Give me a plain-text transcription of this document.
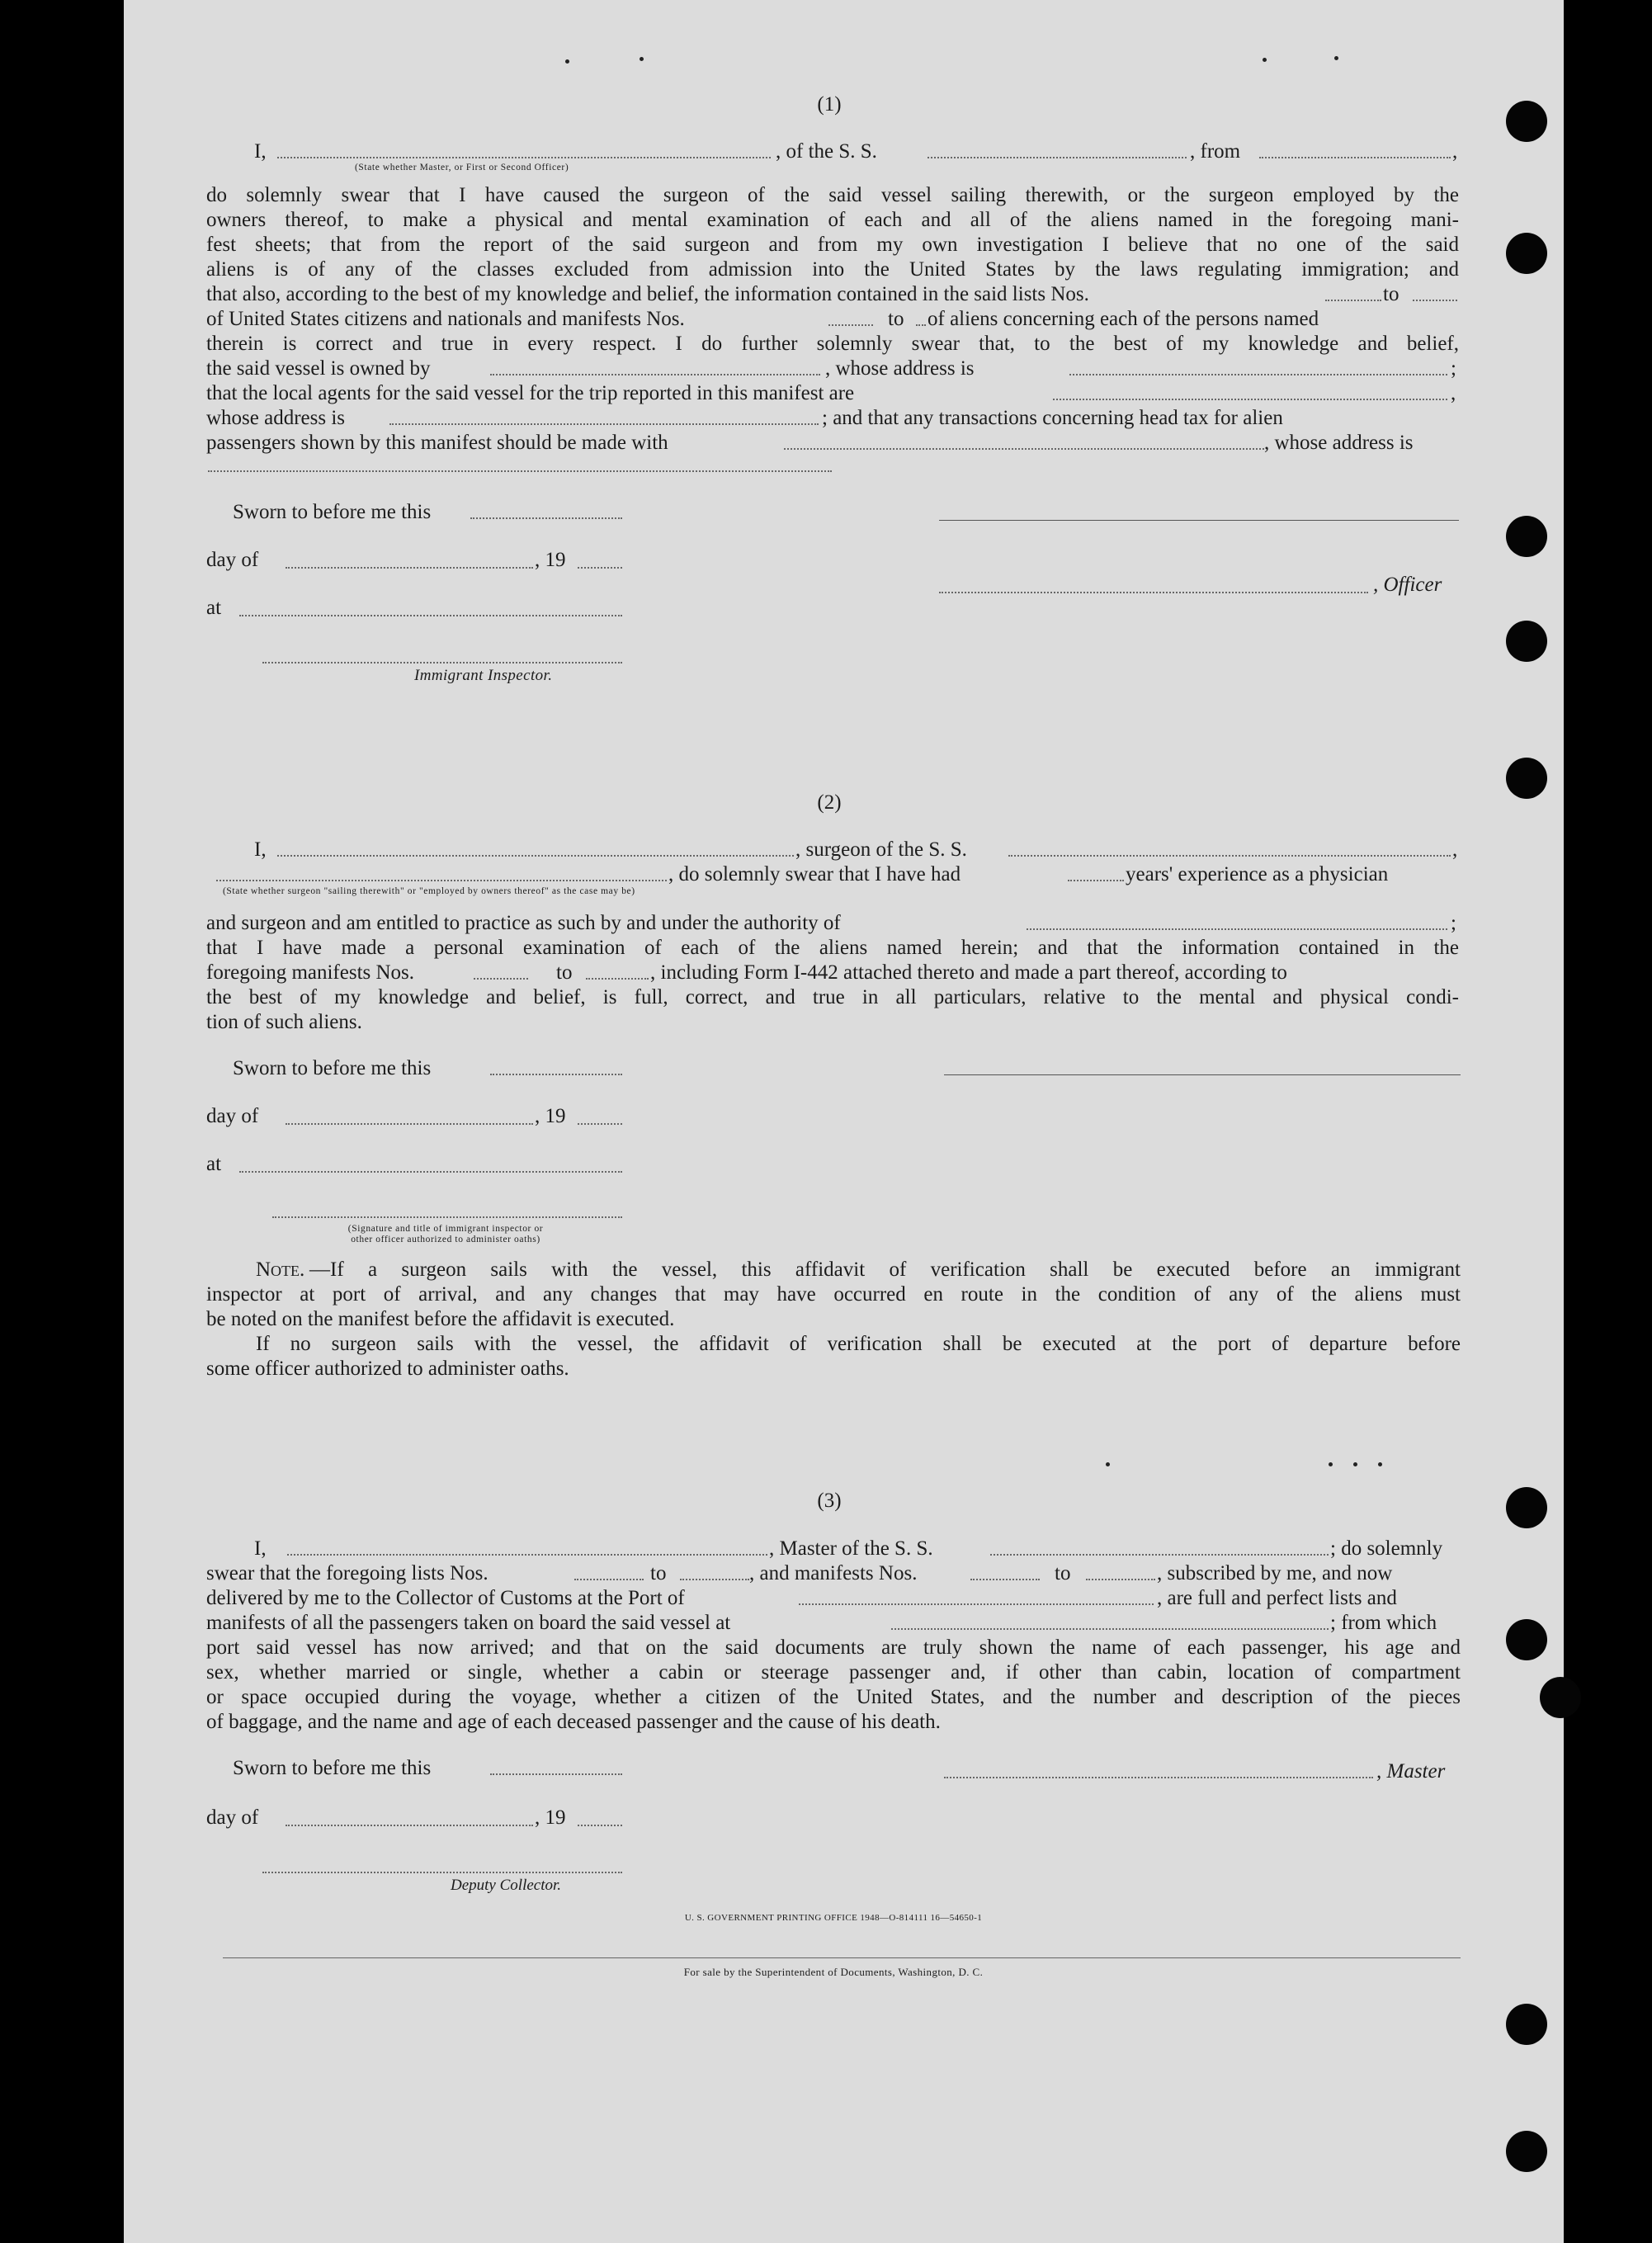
(1)
I,
(State whether Master, or First or Second Officer)
, of the S. S.	, from	,
do solemnly swear that I have caused the surgeon of the said vessel sailing therewith, or the surgeon employed by the
owners thereof, to make a physical and mental examination of each and all of the aliens named in the foregoing mani-
fest sheets; that from the report of the said surgeon and from my own investigation I believe that no one of the said
aliens is of any of the classes excluded from admission into the United States by the laws regulating immigration; and
that also, according to the best of my knowledge and belief, the information contained in the said lists Nos.	to
of United States citizens and nationals and manifests Nos.	to of aliens concerning each of the persons named
therein is correct and true in every respect. I do further solemnly swear that, to the best of my knowledge and belief,
the said vessel is owned by	, whose address is	;
that the local agents for the said vessel for the trip reported in this manifest are	,
whose address is	; and that any transactions concerning head tax for alien
passengers shown by this manifest should be made with	, whose address is
Sworn to before me this
day of	, 19
, Officer
at
Immigrant Inspector.
(2)
I,	, surgeon of the S. S.	,
, do solemnly swear that I have had	years' experience as a physician
(State whether surgeon "sailing therewith" or "employed by owners thereof" as the case may be)
and surgeon and am entitled to practice as such by and under the authority of	;
that I have made a personal examination of each of the aliens named herein; and that the information contained in the
foregoing manifests Nos.	to	, including Form I-442 attached thereto and made a part thereof, according to
the best of my knowledge and belief, is full, correct, and true in all particulars, relative to the mental and physical condi-
tion of such aliens.
Sworn to before me this
day of	, 19
at
(Signature and title of immigrant inspector or
other officer authorized to administer oaths)
Note. —If a surgeon sails with the vessel, this affidavit of verification shall be executed before an immigrant
inspector at port of arrival, and any changes that may have occurred en route in the condition of any of the aliens must
be noted on the manifest before the affidavit is executed.
If no surgeon sails with the vessel, the affidavit of verification shall be executed at the port of departure before
some officer authorized to administer oaths.
(3)
I,	, Master of the S. S.	; do solemnly
swear that the foregoing lists Nos.	to	, and manifests Nos.	to	, subscribed by me, and now
delivered by me to the Collector of Customs at the Port of	, are full and perfect lists and
manifests of all the passengers taken on board the said vessel at	; from which
port said vessel has now arrived; and that on the said documents are truly shown the name of each passenger, his age and
sex, whether married or single, whether a cabin or steerage passenger and, if other than cabin, location of compartment
or space occupied during the voyage, whether a citizen of the United States, and the number and description of the pieces
of baggage, and the name and age of each deceased passenger and the cause of his death.
Sworn to before me this	, Master
day of	, 19
Deputy Collector.
U. S. GOVERNMENT PRINTING OFFICE 1948—O-814111 16—54650-1
For sale by the Superintendent of Documents, Washington, D. C.
